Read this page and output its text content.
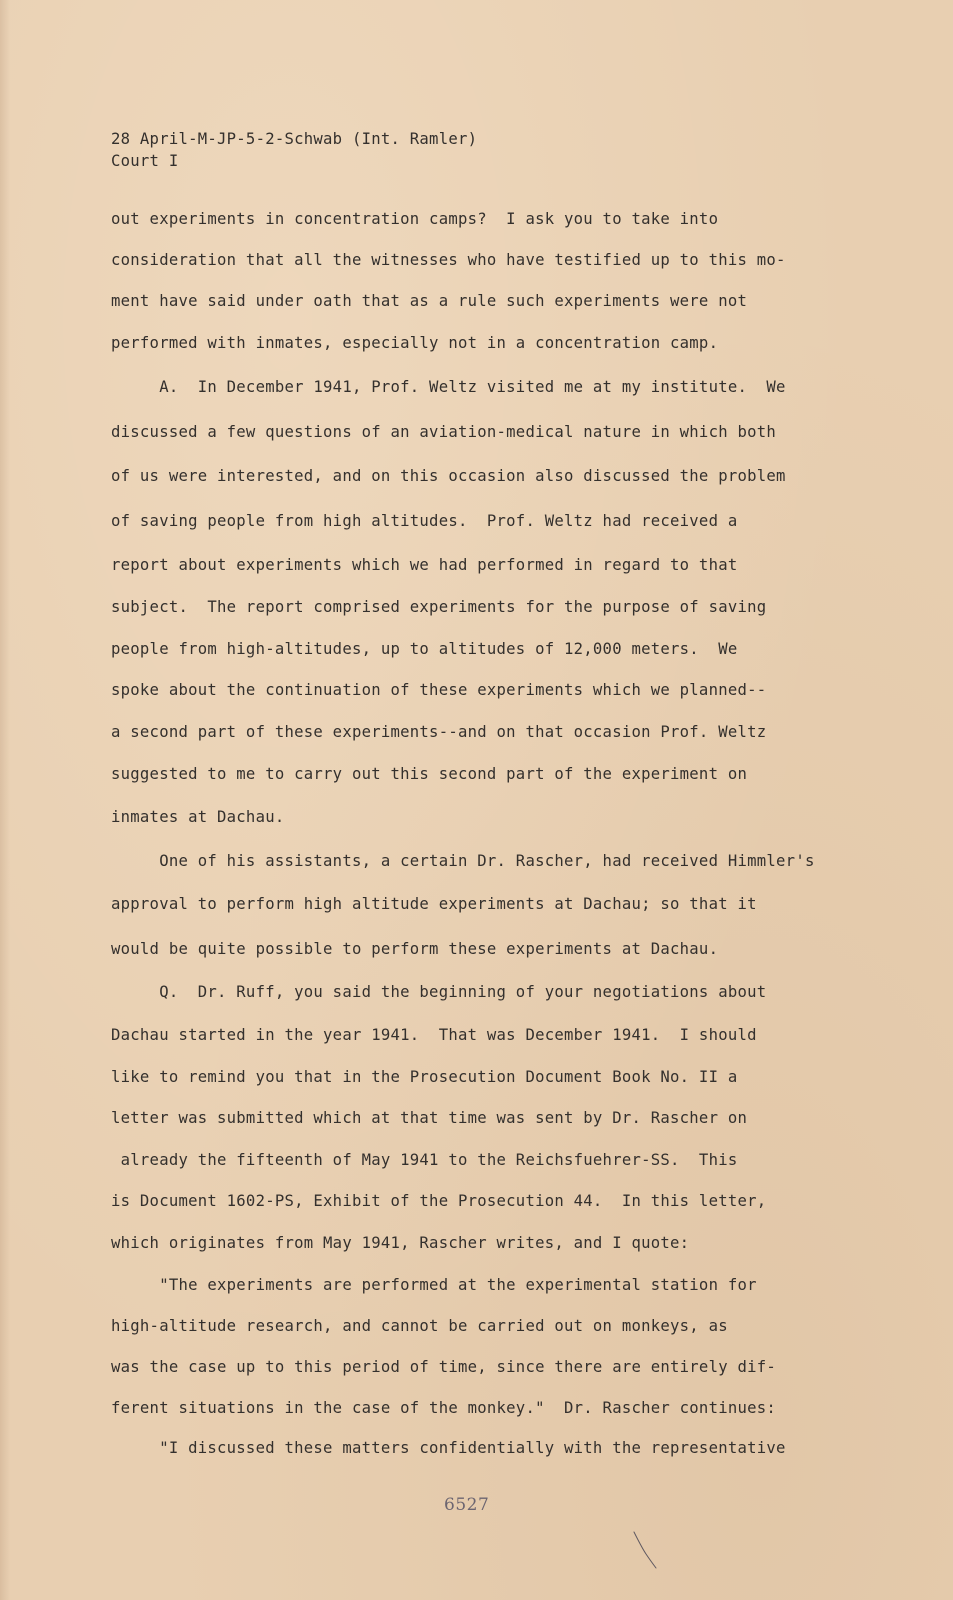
28 April-M-JP-5-2-Schwab (Int. Ramler)
Court I
out experiments in concentration camps?  I ask you to take into
consideration that all the witnesses who have testified up to this mo-
ment have said under oath that as a rule such experiments were not
performed with inmates, especially not in a concentration camp.
A.  In December 1941, Prof. Weltz visited me at my institute.  We
discussed a few questions of an aviation-medical nature in which both
of us were interested, and on this occasion also discussed the problem
of saving people from high altitudes.  Prof. Weltz had received a
report about experiments which we had performed in regard to that
subject.  The report comprised experiments for the purpose of saving
people from high-altitudes, up to altitudes of 12,000 meters.  We
spoke about the continuation of these experiments which we planned--
a second part of these experiments--and on that occasion Prof. Weltz
suggested to me to carry out this second part of the experiment on
inmates at Dachau.
One of his assistants, a certain Dr. Rascher, had received Himmler's
approval to perform high altitude experiments at Dachau; so that it
would be quite possible to perform these experiments at Dachau.
Q.  Dr. Ruff, you said the beginning of your negotiations about
Dachau started in the year 1941.  That was December 1941.  I should
like to remind you that in the Prosecution Document Book No. II a
letter was submitted which at that time was sent by Dr. Rascher on
already the fifteenth of May 1941 to the Reichsfuehrer-SS.  This
is Document 1602-PS, Exhibit of the Prosecution 44.  In this letter,
which originates from May 1941, Rascher writes, and I quote:
"The experiments are performed at the experimental station for
high-altitude research, and cannot be carried out on monkeys, as
was the case up to this period of time, since there are entirely dif-
ferent situations in the case of the monkey."  Dr. Rascher continues:
"I discussed these matters confidentially with the representative
6527
